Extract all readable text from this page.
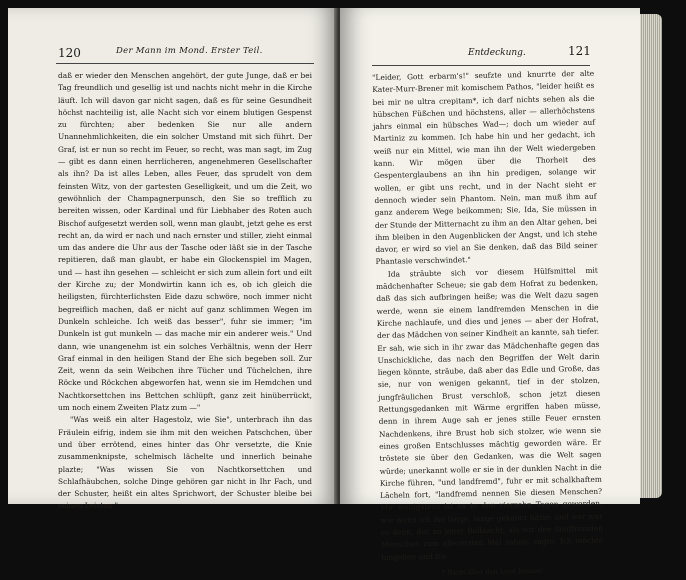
120	Der Mann im Mond. Erster Teil.

daß er wieder den Menschen angehört, der gute Junge, daß er bei Tag freundlich und gesellig ist und nachts nicht mehr in die Kirche läuft. Ich will davon gar nicht sagen, daß es für seine Gesundheit höchst nachteilig ist, alle Nacht sich vor einem blutigen Gespenst zu fürchten; aber bedenken Sie nur alle andern Unannehmlichkeiten, die ein solcher Umstand mit sich führt. Der Graf, ist er nun so recht im Feuer, so recht, was man sagt, im Zug — gibt es dann einen herrlicheren, angenehmeren Gesellschafter als ihn? Da ist alles Leben, alles Feuer, das sprudelt von dem feinsten Witz, von der gartesten Geselligkeit, und um die Zeit, wo gewöhnlich der Champagnerpunsch, den Sie so trefflich zu bereiten wissen, oder Kardinal und für Liebhaber des Roten auch Bischof aufgesetzt werden soll, wenn man glaubt, jetzt gehe es erst recht an, da wird er nach und nach ernster und stiller, zieht einmal um das andere die Uhr aus der Tasche oder läßt sie in der Tasche repitieren, daß man glaubt, er habe ein Glockenspiel im Magen, und — hast ihn gesehen — schleicht er sich zum allein fort und eilt der Kirche zu; der Mondwirtin kann ich es, ob ich gleich die heiligsten, fürchterlichsten Eide dazu schwöre, noch immer nicht begreiflich machen, daß er nicht auf ganz schlimmen Wegen im Dunkeln schleiche. Ich weiß das besser", fuhr sie immer; "im Dunkeln ist gut munkeln — das mache mir ein anderer weis." Und dann, wie unangenehm ist ein solches Verhältnis, wenn der Herr Graf einmal in den heiligen Stand der Ehe sich begeben soll. Zur Zeit, wenn da sein Weibchen ihre Tücher und Tüchelchen, ihre Röcke und Röckchen abgeworfen hat, wenn sie im Hemdchen und Nachtkorsettchen ins Bettchen schlüpft, ganz zeit hinüberrückt, um noch einem Zweiten Platz zum —"

"Was weiß ein alter Hagestolz, wie Sie", unterbrach ihn das Fräulein eifrig, indem sie ihm mit den weichen Patschchen, über und über errötend, eines hinter das Ohr versetzte, die Knie zusammenknipste, schelmisch lächelte und innerlich beinahe plazte; "Was wissen Sie von Nachtkorsettchen und Schlafhäubchen, solche Dinge gehören gar nicht in Ihr Fach, und der Schuster, heißt ein altes Sprichwort, der Schuster bleibe bei seinen Leisten."

121
Entdeckung.

"Leider, Gott erbarm's!" seufzte und knurrte der alte Kater-Murr-Brener mit komischem Pathos, "leider heißt es bei mir ne ultra crepitam*, ich darf nichts sehen als die hübschen Füßchen und höchstens, aller — allerhöchstens jahrs einmal ein hübsches Wad—; doch um wieder auf Martiniz zu kommen. Ich habe hin und her gedacht, ich weiß nur ein Mittel, wie man ihn der Welt wiedergeben kann. Wir mögen über die Thorheit des Gespenterglaubens an ihn hin predigen, solange wir wollen, er gibt uns recht, und in der Nacht sieht er dennoch wieder sein Phantom. Nein, man muß ihm auf ganz anderem Wege beikommen; Sie, Ida, Sie müssen in der Stunde der Mitternacht zu ihm an den Altar gehen, bei ihm bleiben in den Augenblicken der Angst, und ich stehe davor, er wird so viel an Sie denken, daß das Bild seiner Phantasie verschwindet."

Ida sträubte sich vor diesem Hülfsmittel mit mädchenhafter Scheue; sie gab dem Hofrat zu bedenken, daß das sich aufbringen heiße; was die Welt dazu sagen werde, wenn sie einem landfremden Menschen in die Kirche nachlaufe, und dies und jenes — aber der Hofrat, der das Mädchen von seiner Kindheit an kannte, sah tiefer. Er sah, wie sich in ihr zwar das Mädchenhafte gegen das Unschickliche, das nach den Begriffen der Welt darin liegen könnte, sträube, daß aber das Edle und Große, das sie, nur von wenigen gekannt, tief in der stolzen, jungfräulichen Brust verschloß, schon jetzt diesen Rettungsgedanken mit Wärme ergriffen haben müsse, denn in ihrem Auge sah er jenes stille Feuer ernsten Nachdenkens, ihre Brust hob sich stolzer, wie wenn sie eines großen Entschlusses mächtig geworden wäre. Er tröstete sie über den Gedanken, was die Welt sagen würde; unerkannt wolle er sie in der dunklen Nacht in die Kirche führen, "und landfremd", fuhr er mit schalkhaftem Lächeln fort, "landfremd nennen Sie diesen Menschen? Mir wenigstens ist es in den vierzehn Tagen geworden, wie wenn ich ihn lange, lange gekannt hätte; und wer war es denn, der an jener Ballnacht, als wir den landfremden Menschen zum allerersten Mal sahen, sagte: Ich möchte hingehen und fra-

* Nicht über den Leist hinaus!
